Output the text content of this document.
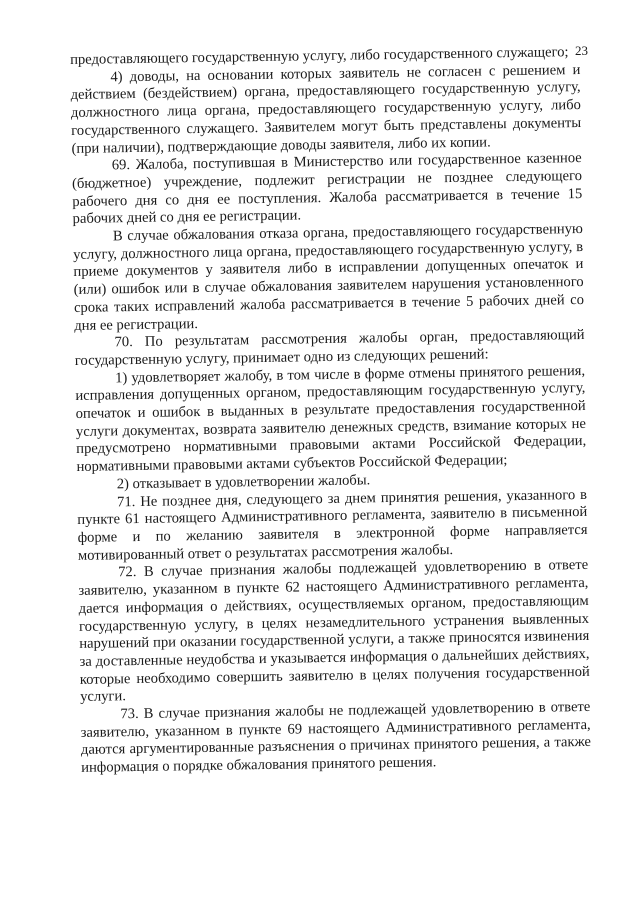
23

предоставляющего государственную услугу, либо государственного служащего;

4) доводы, на основании которых заявитель не согласен с решением и действием (бездействием) органа, предоставляющего государственную услугу, должностного лица органа, предоставляющего государственную услугу, либо государственного служащего. Заявителем могут быть представлены документы (при наличии), подтверждающие доводы заявителя, либо их копии.

69. Жалоба, поступившая в Министерство или государственное казенное (бюджетное) учреждение, подлежит регистрации не позднее следующего рабочего дня со дня ее поступления. Жалоба рассматривается в течение 15 рабочих дней со дня ее регистрации.

В случае обжалования отказа органа, предоставляющего государственную услугу, должностного лица органа, предоставляющего государственную услугу, в приеме документов у заявителя либо в исправлении допущенных опечаток и (или) ошибок или в случае обжалования заявителем нарушения установленного срока таких исправлений жалоба рассматривается в течение 5 рабочих дней со дня ее регистрации.

70. По результатам рассмотрения жалобы орган, предоставляющий государственную услугу, принимает одно из следующих решений:

1) удовлетворяет жалобу, в том числе в форме отмены принятого решения, исправления допущенных органом, предоставляющим государственную услугу, опечаток и ошибок в выданных в результате предоставления государственной услуги документах, возврата заявителю денежных средств, взимание которых не предусмотрено нормативными правовыми актами Российской Федерации, нормативными правовыми актами субъектов Российской Федерации;

2) отказывает в удовлетворении жалобы.

71. Не позднее дня, следующего за днем принятия решения, указанного в пункте 61 настоящего Административного регламента, заявителю в письменной форме и по желанию заявителя в электронной форме направляется мотивированный ответ о результатах рассмотрения жалобы.

72. В случае признания жалобы подлежащей удовлетворению в ответе заявителю, указанном в пункте 62 настоящего Административного регламента, дается информация о действиях, осуществляемых органом, предоставляющим государственную услугу, в целях незамедлительного устранения выявленных нарушений при оказании государственной услуги, а также приносятся извинения за доставленные неудобства и указывается информация о дальнейших действиях, которые необходимо совершить заявителю в целях получения государственной услуги.

73. В случае признания жалобы не подлежащей удовлетворению в ответе заявителю, указанном в пункте 69 настоящего Административного регламента, даются аргументированные разъяснения о причинах принятого решения, а также информация о порядке обжалования принятого решения.
